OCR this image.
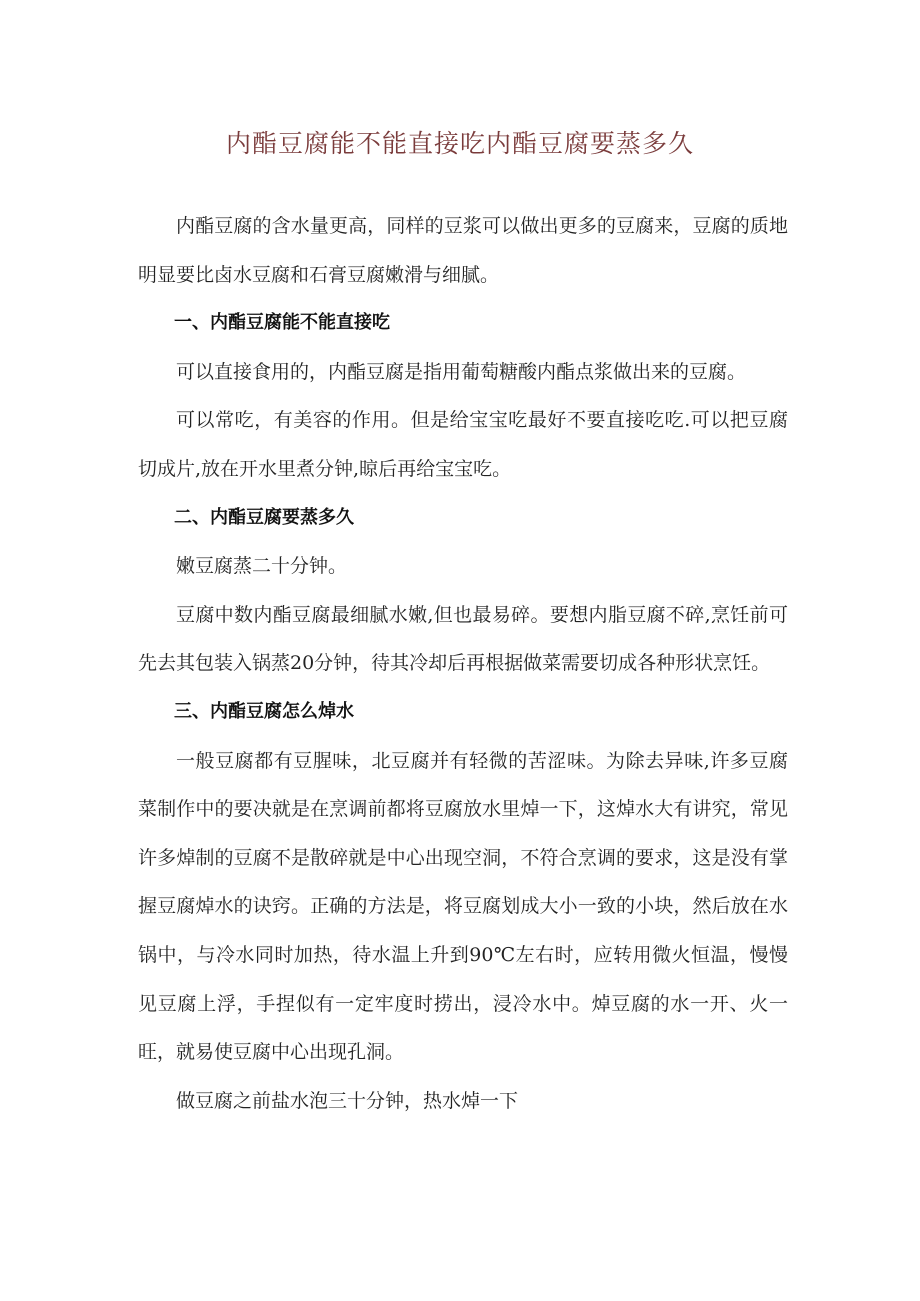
内酯豆腐能不能直接吃内酯豆腐要蒸多久

内酯豆腐的含水量更高，同样的豆浆可以做出更多的豆腐来，豆腐的质地明显要比卤水豆腐和石膏豆腐嫩滑与细腻。

一、内酯豆腐能不能直接吃

可以直接食用的，内酯豆腐是指用葡萄糖酸内酯点浆做出来的豆腐。

可以常吃，有美容的作用。但是给宝宝吃最好不要直接吃吃.可以把豆腐切成片,放在开水里煮分钟,晾后再给宝宝吃。

二、内酯豆腐要蒸多久

嫩豆腐蒸二十分钟。

豆腐中数内酯豆腐最细腻水嫩,但也最易碎。要想内脂豆腐不碎,烹饪前可先去其包装入锅蒸20分钟，待其冷却后再根据做菜需要切成各种形状烹饪。

三、内酯豆腐怎么焯水

一般豆腐都有豆腥味，北豆腐并有轻微的苦涩味。为除去异味,许多豆腐菜制作中的要决就是在烹调前都将豆腐放水里焯一下，这焯水大有讲究，常见许多焯制的豆腐不是散碎就是中心出现空洞，不符合烹调的要求，这是没有掌握豆腐焯水的诀窍。正确的方法是，将豆腐划成大小一致的小块，然后放在水锅中，与冷水同时加热，待水温上升到90℃左右时，应转用微火恒温，慢慢见豆腐上浮，手捏似有一定牢度时捞出，浸冷水中。焯豆腐的水一开、火一旺，就易使豆腐中心出现孔洞。

做豆腐之前盐水泡三十分钟，热水焯一下
